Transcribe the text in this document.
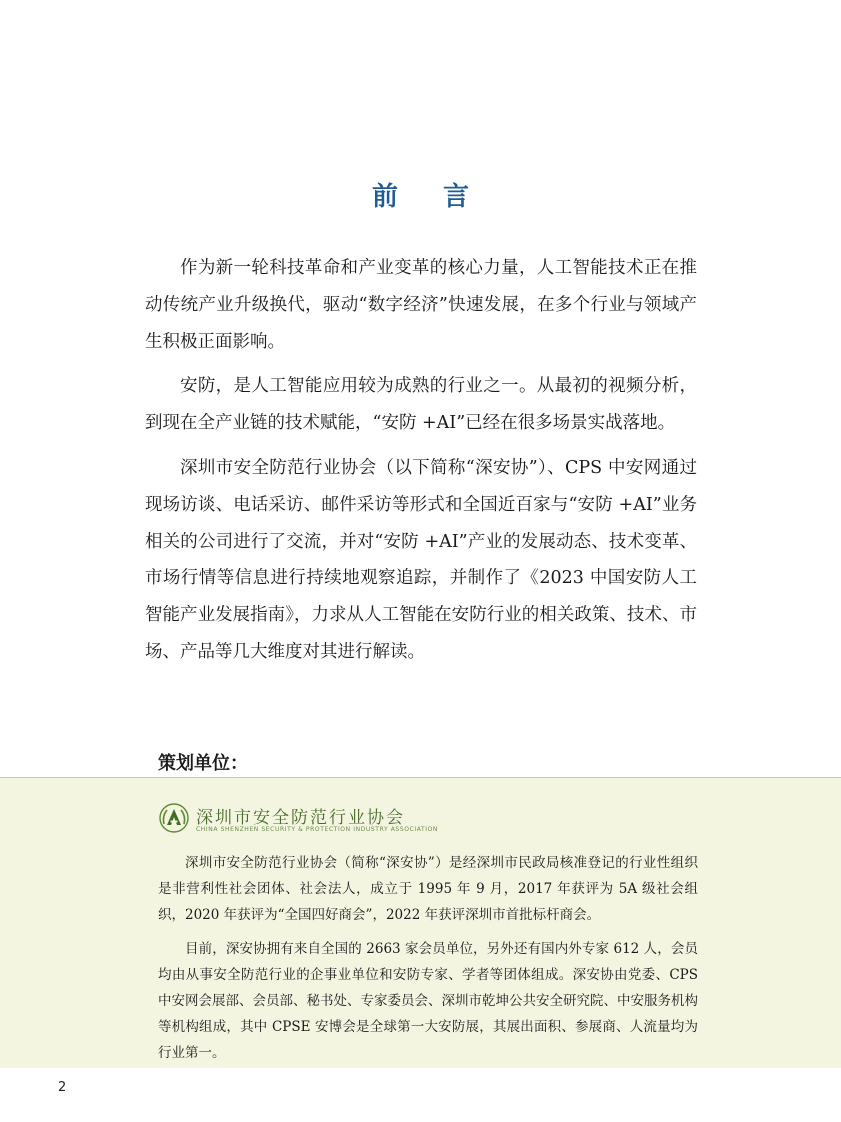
前 言

作为新一轮科技革命和产业变革的核心力量，人工智能技术正在推动传统产业升级换代，驱动“数字经济”快速发展，在多个行业与领域产生积极正面影响。

安防，是人工智能应用较为成熟的行业之一。从最初的视频分析，到现在全产业链的技术赋能，“安防 +AI”已经在很多场景实战落地。

深圳市安全防范行业协会（以下简称“深安协”）、CPS 中安网通过现场访谈、电话采访、邮件采访等形式和全国近百家与“安防 +AI”业务相关的公司进行了交流，并对“安防 +AI”产业的发展动态、技术变革、市场行情等信息进行持续地观察追踪，并制作了《2023 中国安防人工智能产业发展指南》，力求从人工智能在安防行业的相关政策、技术、市场、产品等几大维度对其进行解读。

策划单位：
深圳市安全防范行业协会
CHINA SHENZHEN SECURITY & PROTECTION INDUSTRY ASSOCIATION

深圳市安全防范行业协会（简称“深安协”）是经深圳市民政局核准登记的行业性组织是非营利性社会团体、社会法人，成立于 1995 年 9 月，2017 年获评为 5A 级社会组织，2020 年获评为“全国四好商会”，2022 年获评深圳市首批标杆商会。

目前，深安协拥有来自全国的 2663 家会员单位，另外还有国内外专家 612 人，会员均由从事安全防范行业的企事业单位和安防专家、学者等团体组成。深安协由党委、CPS 中安网会展部、会员部、秘书处、专家委员会、深圳市乾坤公共安全研究院、中安服务机构等机构组成，其中 CPSE 安博会是全球第一大安防展，其展出面积、参展商、人流量均为行业第一。

2
